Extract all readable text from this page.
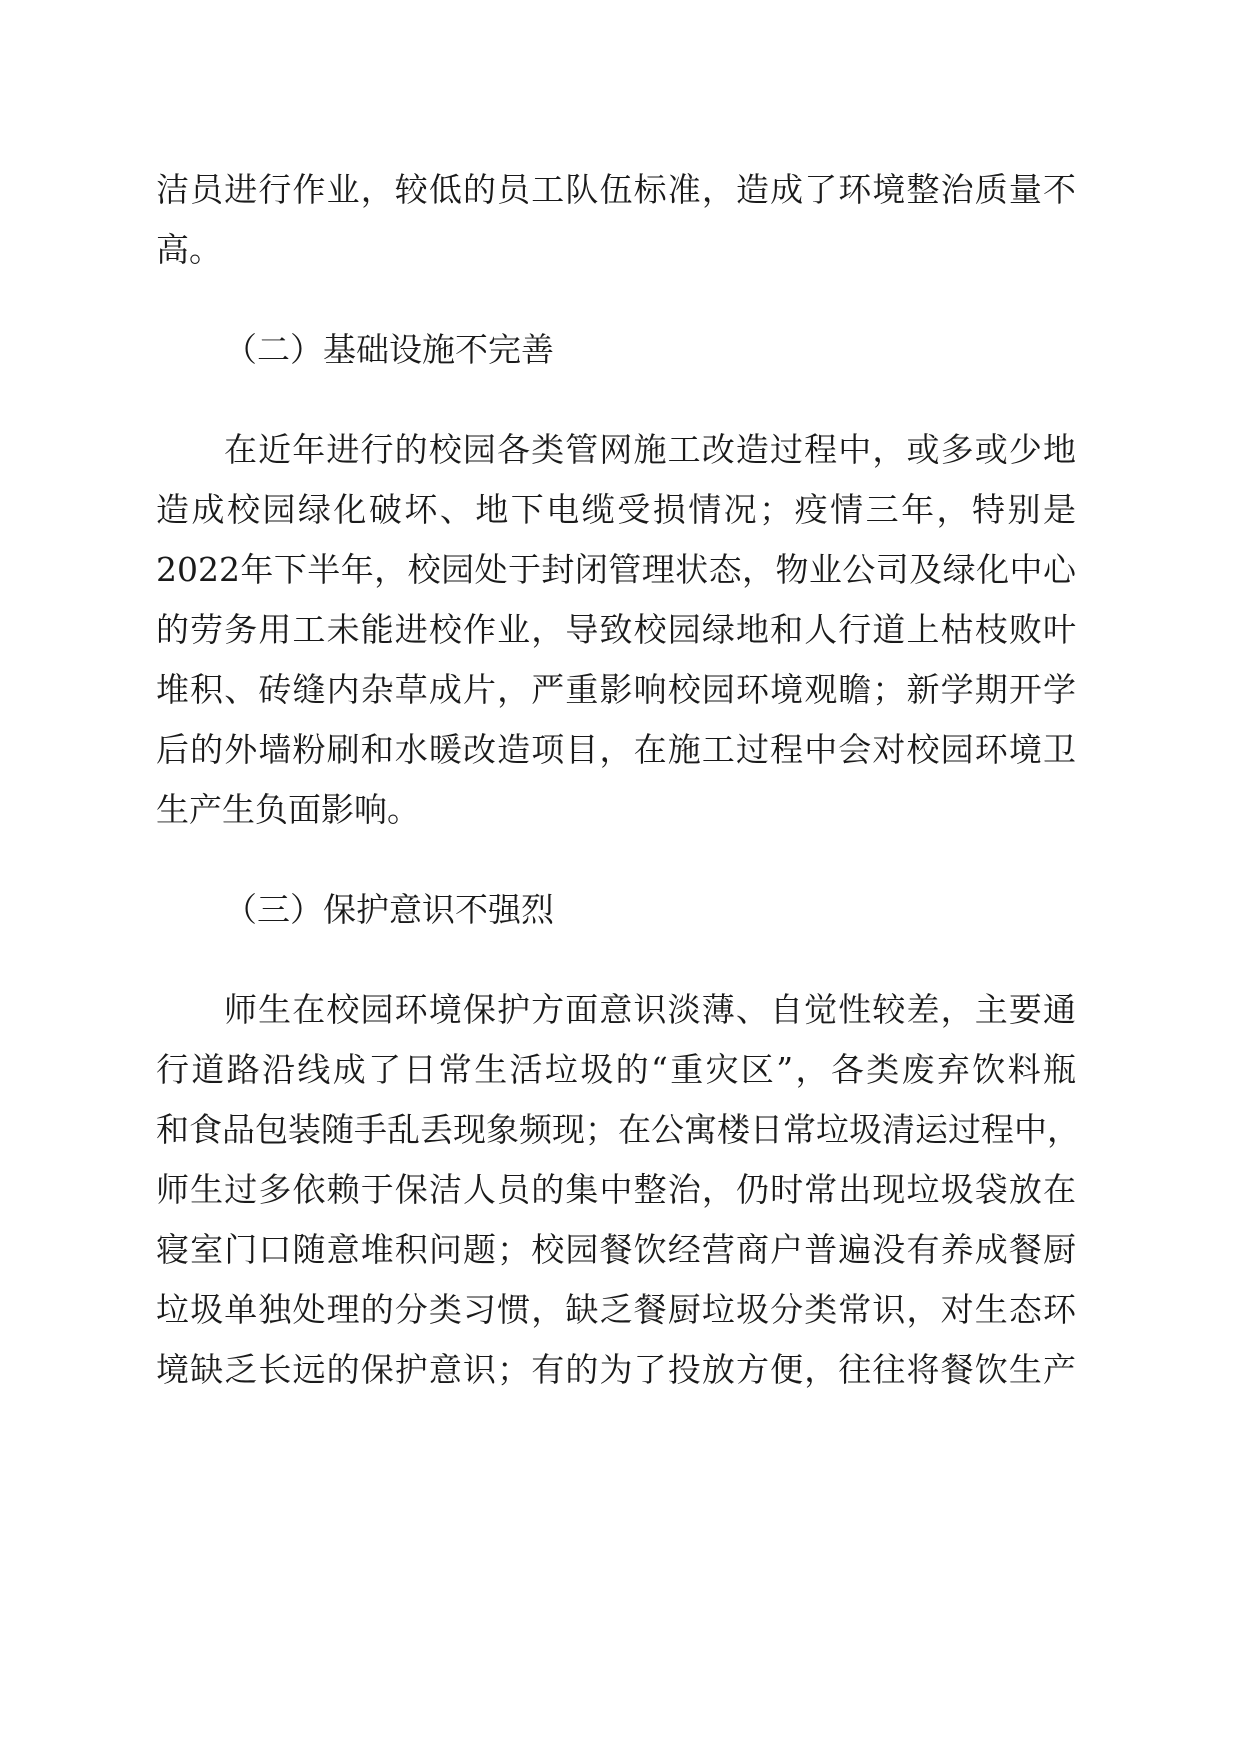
洁员进行作业，较低的员工队伍标准，造成了环境整治质量不
高。
（二）基础设施不完善
在近年进行的校园各类管网施工改造过程中，或多或少地
造成校园绿化破坏、地下电缆受损情况；疫情三年，特别是
2022年下半年，校园处于封闭管理状态，物业公司及绿化中心
的劳务用工未能进校作业，导致校园绿地和人行道上枯枝败叶
堆积、砖缝内杂草成片，严重影响校园环境观瞻；新学期开学
后的外墙粉刷和水暖改造项目，在施工过程中会对校园环境卫
生产生负面影响。
（三）保护意识不强烈
师生在校园环境保护方面意识淡薄、自觉性较差，主要通
行道路沿线成了日常生活垃圾的“重灾区”，各类废弃饮料瓶
和食品包装随手乱丢现象频现；在公寓楼日常垃圾清运过程中，
师生过多依赖于保洁人员的集中整治，仍时常出现垃圾袋放在
寝室门口随意堆积问题；校园餐饮经营商户普遍没有养成餐厨
垃圾单独处理的分类习惯，缺乏餐厨垃圾分类常识，对生态环
境缺乏长远的保护意识；有的为了投放方便，往往将餐饮生产
